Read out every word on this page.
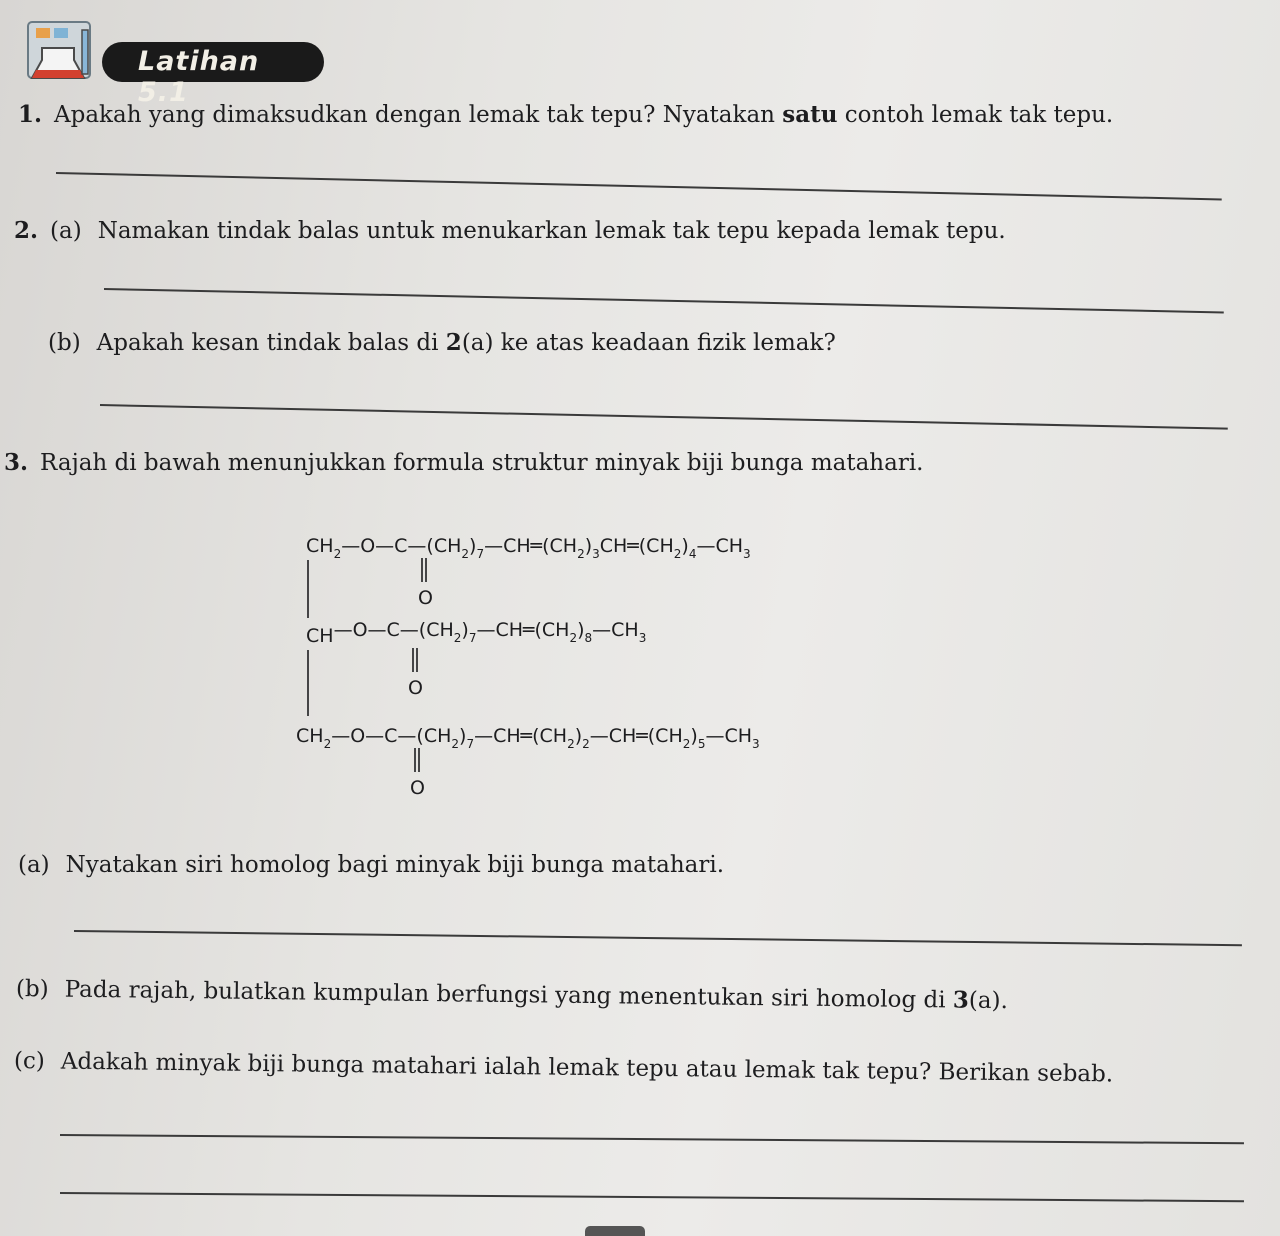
Latihan 5.1
1. Apakah yang dimaksudkan dengan lemak tak tepu? Nyatakan satu contoh lemak tak tepu.
2. (a) Namakan tindak balas untuk menukarkan lemak tak tepu kepada lemak tepu.
(b) Apakah kesan tindak balas di 2(a) ke atas keadaan fizik lemak?
3. Rajah di bawah menunjukkan formula struktur minyak biji bunga matahari.
$CH_2—O—C—(CH_2)_7—CH═(CH_2)_3CH═(CH_2)_4—CH_3$
O
$CH—O—C—(CH_2)_7—CH═(CH_2)_8—CH_3$
O
$CH_2—O—C—(CH_2)_7—CH═(CH_2)_2—CH═(CH_2)_5—CH_3$
O
(a) Nyatakan siri homolog bagi minyak biji bunga matahari.
(b) Pada rajah, bulatkan kumpulan berfungsi yang menentukan siri homolog di 3(a).
(c) Adakah minyak biji bunga matahari ialah lemak tepu atau lemak tak tepu? Berikan sebab.
